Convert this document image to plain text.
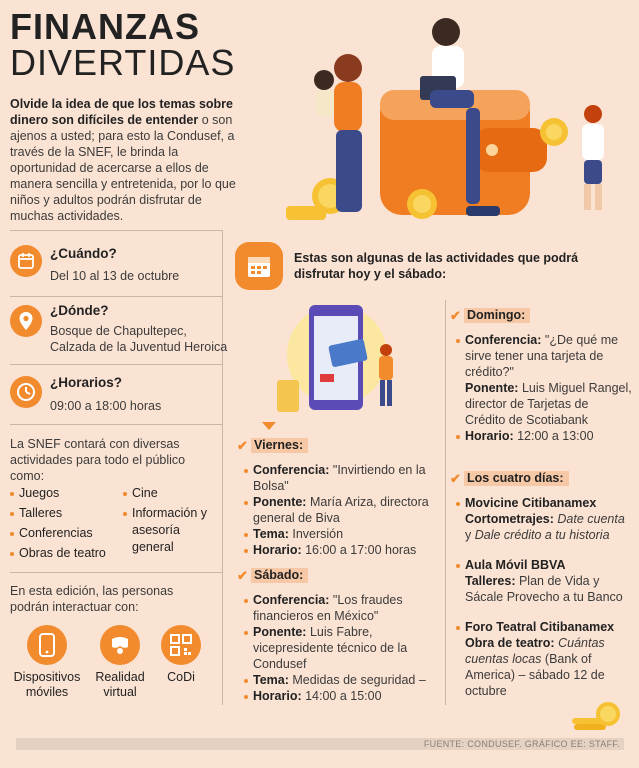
FINANZAS
DIVERTIDAS
Olvide la idea de que los temas sobre dinero son difíciles de entender o son ajenos a usted; para esto la Condusef, a través de la SNEF, le brinda la oportunidad de acercarse a ellos de manera sencilla y entretenida, por lo que niños y adultos podrán disfrutar de muchas actividades.
¿Cuándo?
Del 10 al 13 de octubre
¿Dónde?
Bosque de Chapultepec,
Calzada de la Juventud Heroica
¿Horarios?
09:00 a 18:00 horas
La SNEF contará con diversas actividades para todo el público como:
Juegos
Talleres
Conferencias
Obras de teatro
Cine
Información y asesoría general
En esta edición, las personas podrán interactuar con:
Dispositivos móviles
Realidad virtual
CoDi
Estas son algunas de las actividades que podrá disfrutar hoy y el sábado:
✔ Viernes:
Conferencia: "Invirtiendo en la Bolsa"
Ponente: María Ariza, directora general de Biva
Tema: Inversión
Horario: 16:00 a 17:00 horas
✔ Sábado:
Conferencia: "Los fraudes financieros en México"
Ponente: Luis Fabre, vicepresidente técnico de la Condusef
Tema: Medidas de seguridad –
Horario: 14:00 a 15:00
✔ Domingo:
Conferencia: "¿De qué me sirve tener una tarjeta de crédito?"
Ponente: Luis Miguel Rangel, director de Tarjetas de Crédito de Scotiabank
Horario: 12:00 a 13:00
✔ Los cuatro días:
Movicine Citibanamex
Cortometrajes: Date cuenta y Dale crédito a tu historia
Aula Móvil BBVA
Talleres: Plan de Vida y Sácale Provecho a tu Banco
Foro Teatral Citibanamex
Obra de teatro: Cuántas cuentas locas (Bank of America) – sábado 12 de octubre
FUENTE: CONDUSEF. GRÁFICO EE: STAFF.
